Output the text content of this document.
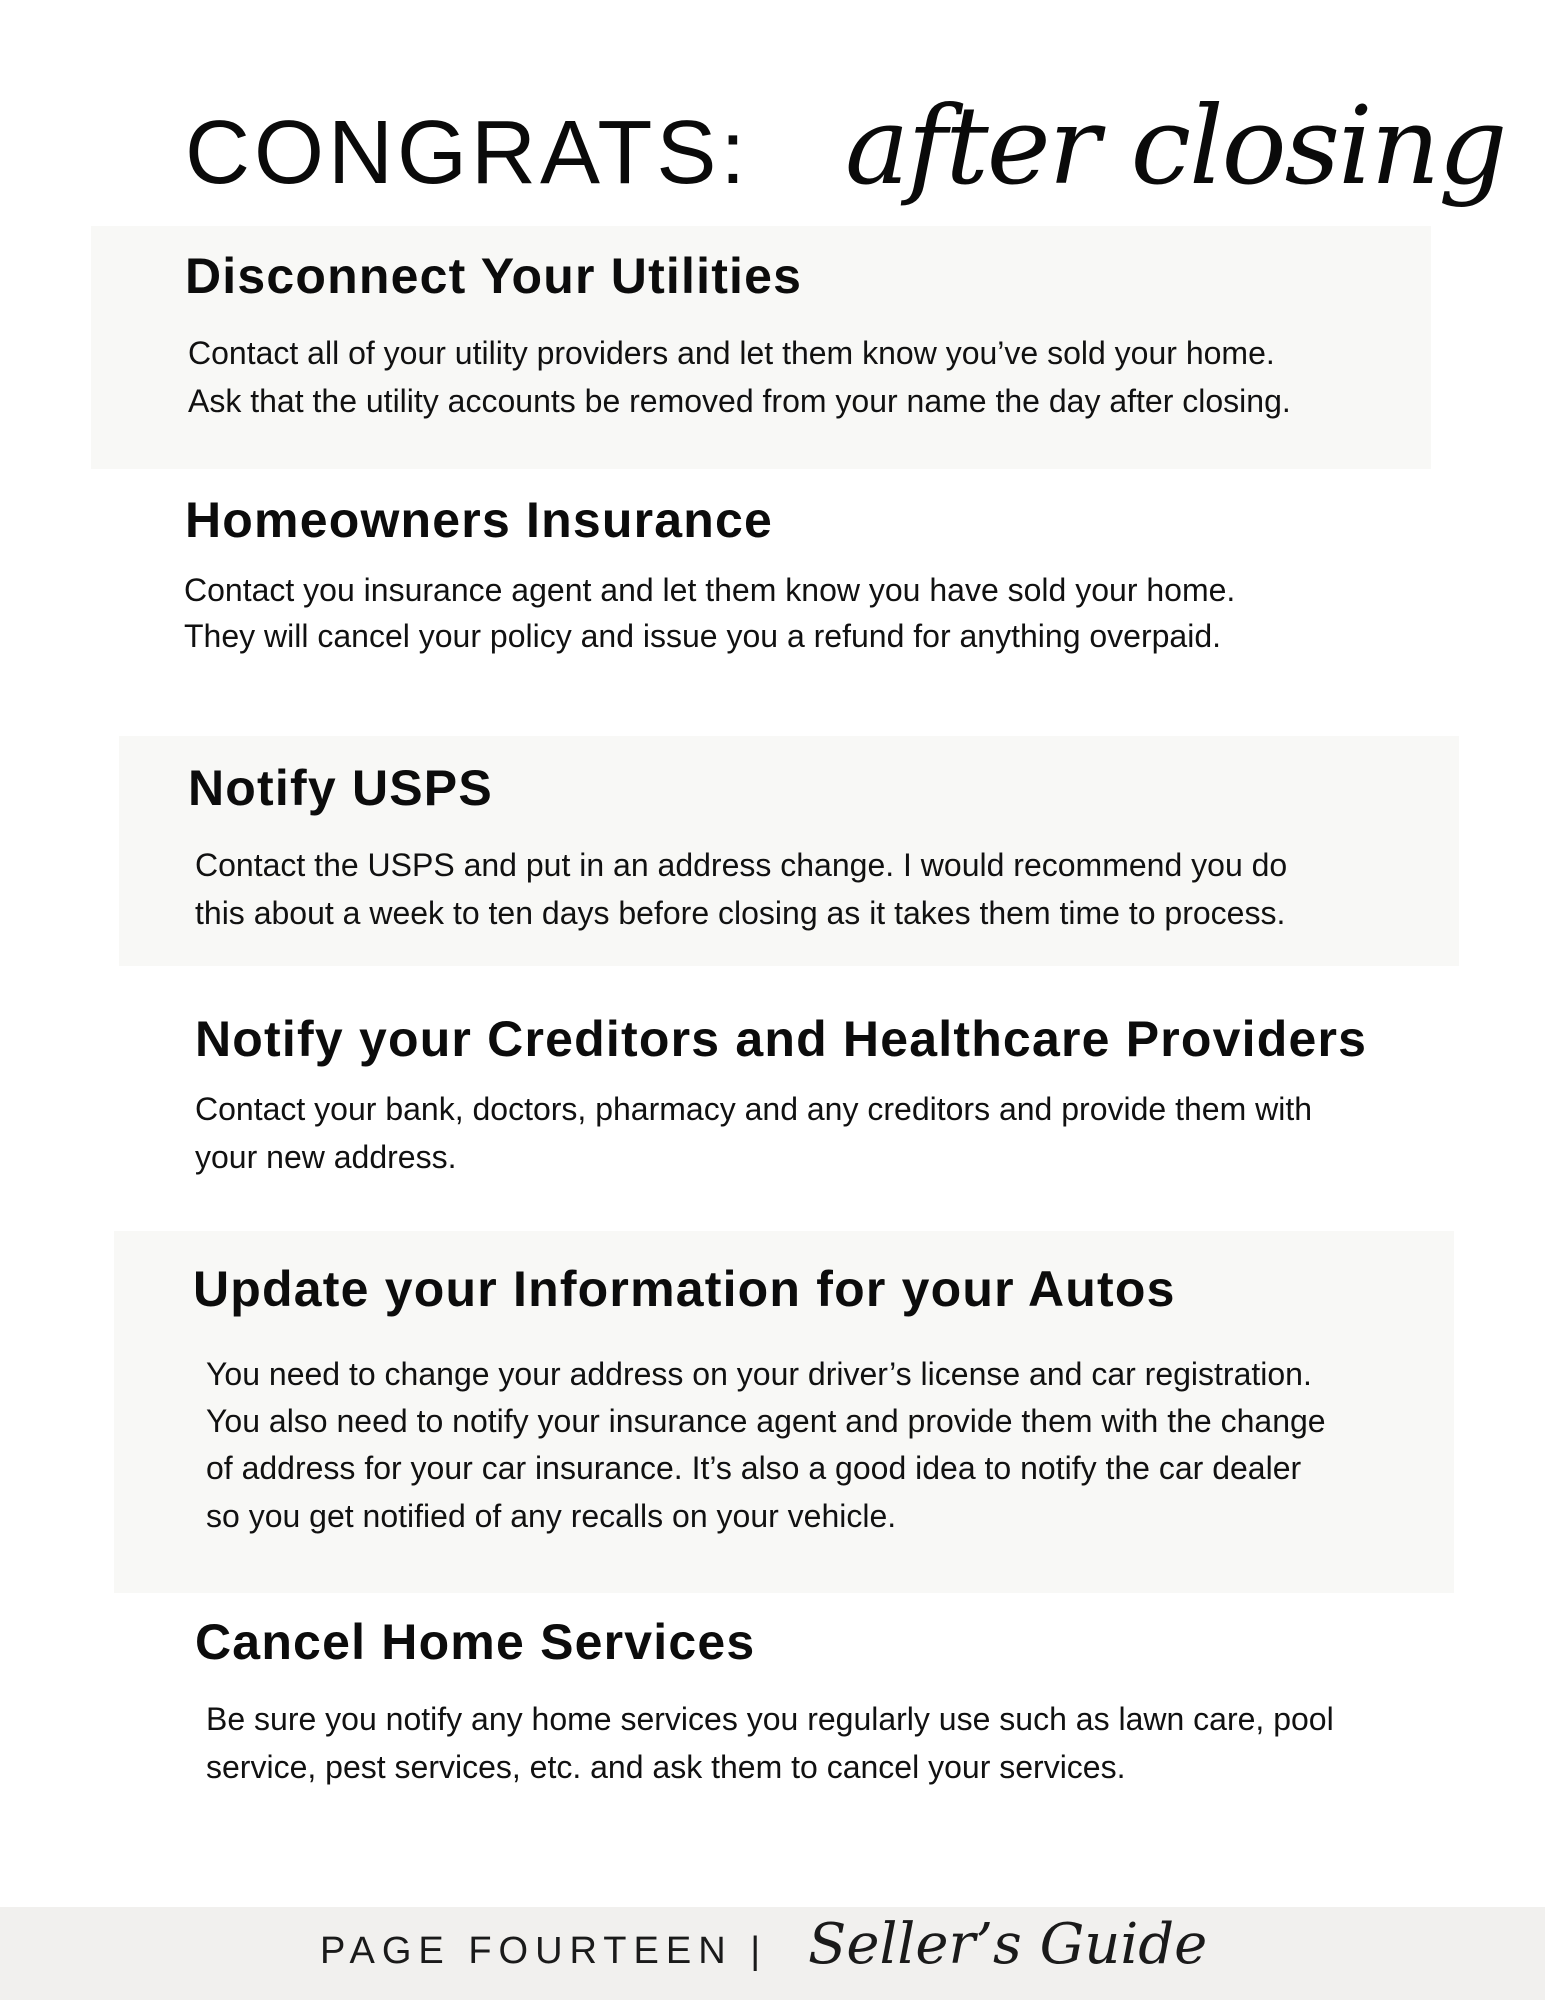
CONGRATS: after closing
Disconnect Your Utilities

Contact all of your utility providers and let them know you’ve sold your home.

Ask that the utility accounts be removed from your name the day after closing.

Homeowners Insurance

Contact you insurance agent and let them know you have sold your home.

They will cancel your policy and issue you a refund for anything overpaid.

Notify USPS

Contact the USPS and put in an address change. I would recommend you do

this about a week to ten days before closing as it takes them time to process.

Notify your Creditors and Healthcare Providers

Contact your bank, doctors, pharmacy and any creditors and provide them with

your new address.

Update your Information for your Autos

You need to change your address on your driver’s license and car registration.

You also need to notify your insurance agent and provide them with the change

of address for your car insurance. It’s also a good idea to notify the car dealer

so you get notified of any recalls on your vehicle.

Cancel Home Services

Be sure you notify any home services you regularly use such as lawn care, pool

service, pest services, etc. and ask them to cancel your services.

PAGE FOURTEEN | Seller’s Guide
